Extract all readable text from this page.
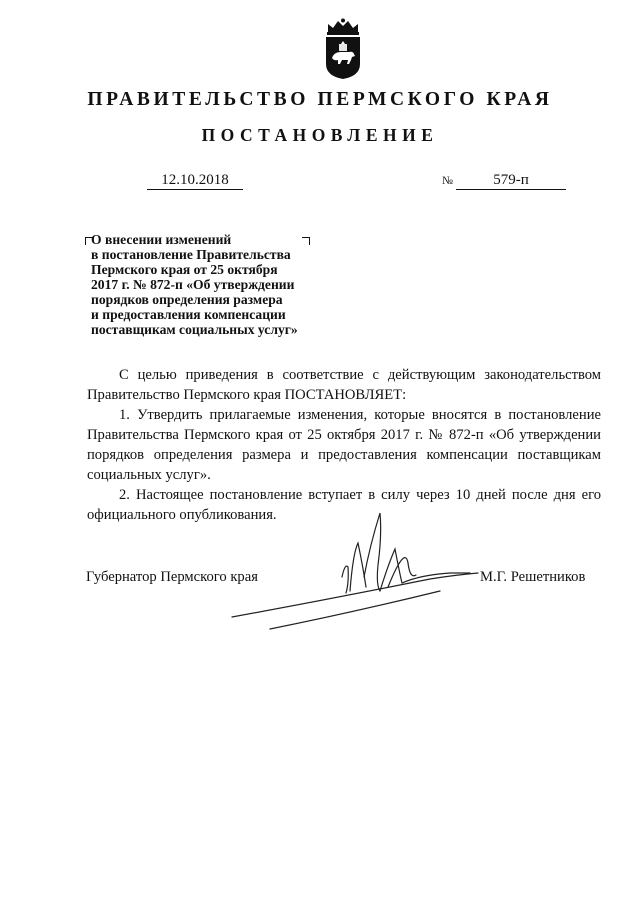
ПРАВИТЕЛЬСТВО ПЕРМСКОГО КРАЯ
ПОСТАНОВЛЕНИЕ
12.10.2018	№	579-п
О внесении изменений
в постановление Правительства
Пермского края от 25 октября
2017 г. № 872-п «Об утверждении
порядков определения размера
и предоставления компенсации
поставщикам социальных услуг»

С целью приведения в соответствие с действующим законодательством Правительство Пермского края ПОСТАНОВЛЯЕТ:

1. Утвердить прилагаемые изменения, которые вносятся в постановление Правительства Пермского края от 25 октября 2017 г. № 872-п «Об утверждении порядков определения размера и предоставления компенсации поставщикам социальных услуг».

2. Настоящее постановление вступает в силу через 10 дней после дня его официального опубликования.

Губернатор Пермского края	М.Г. Решетников
